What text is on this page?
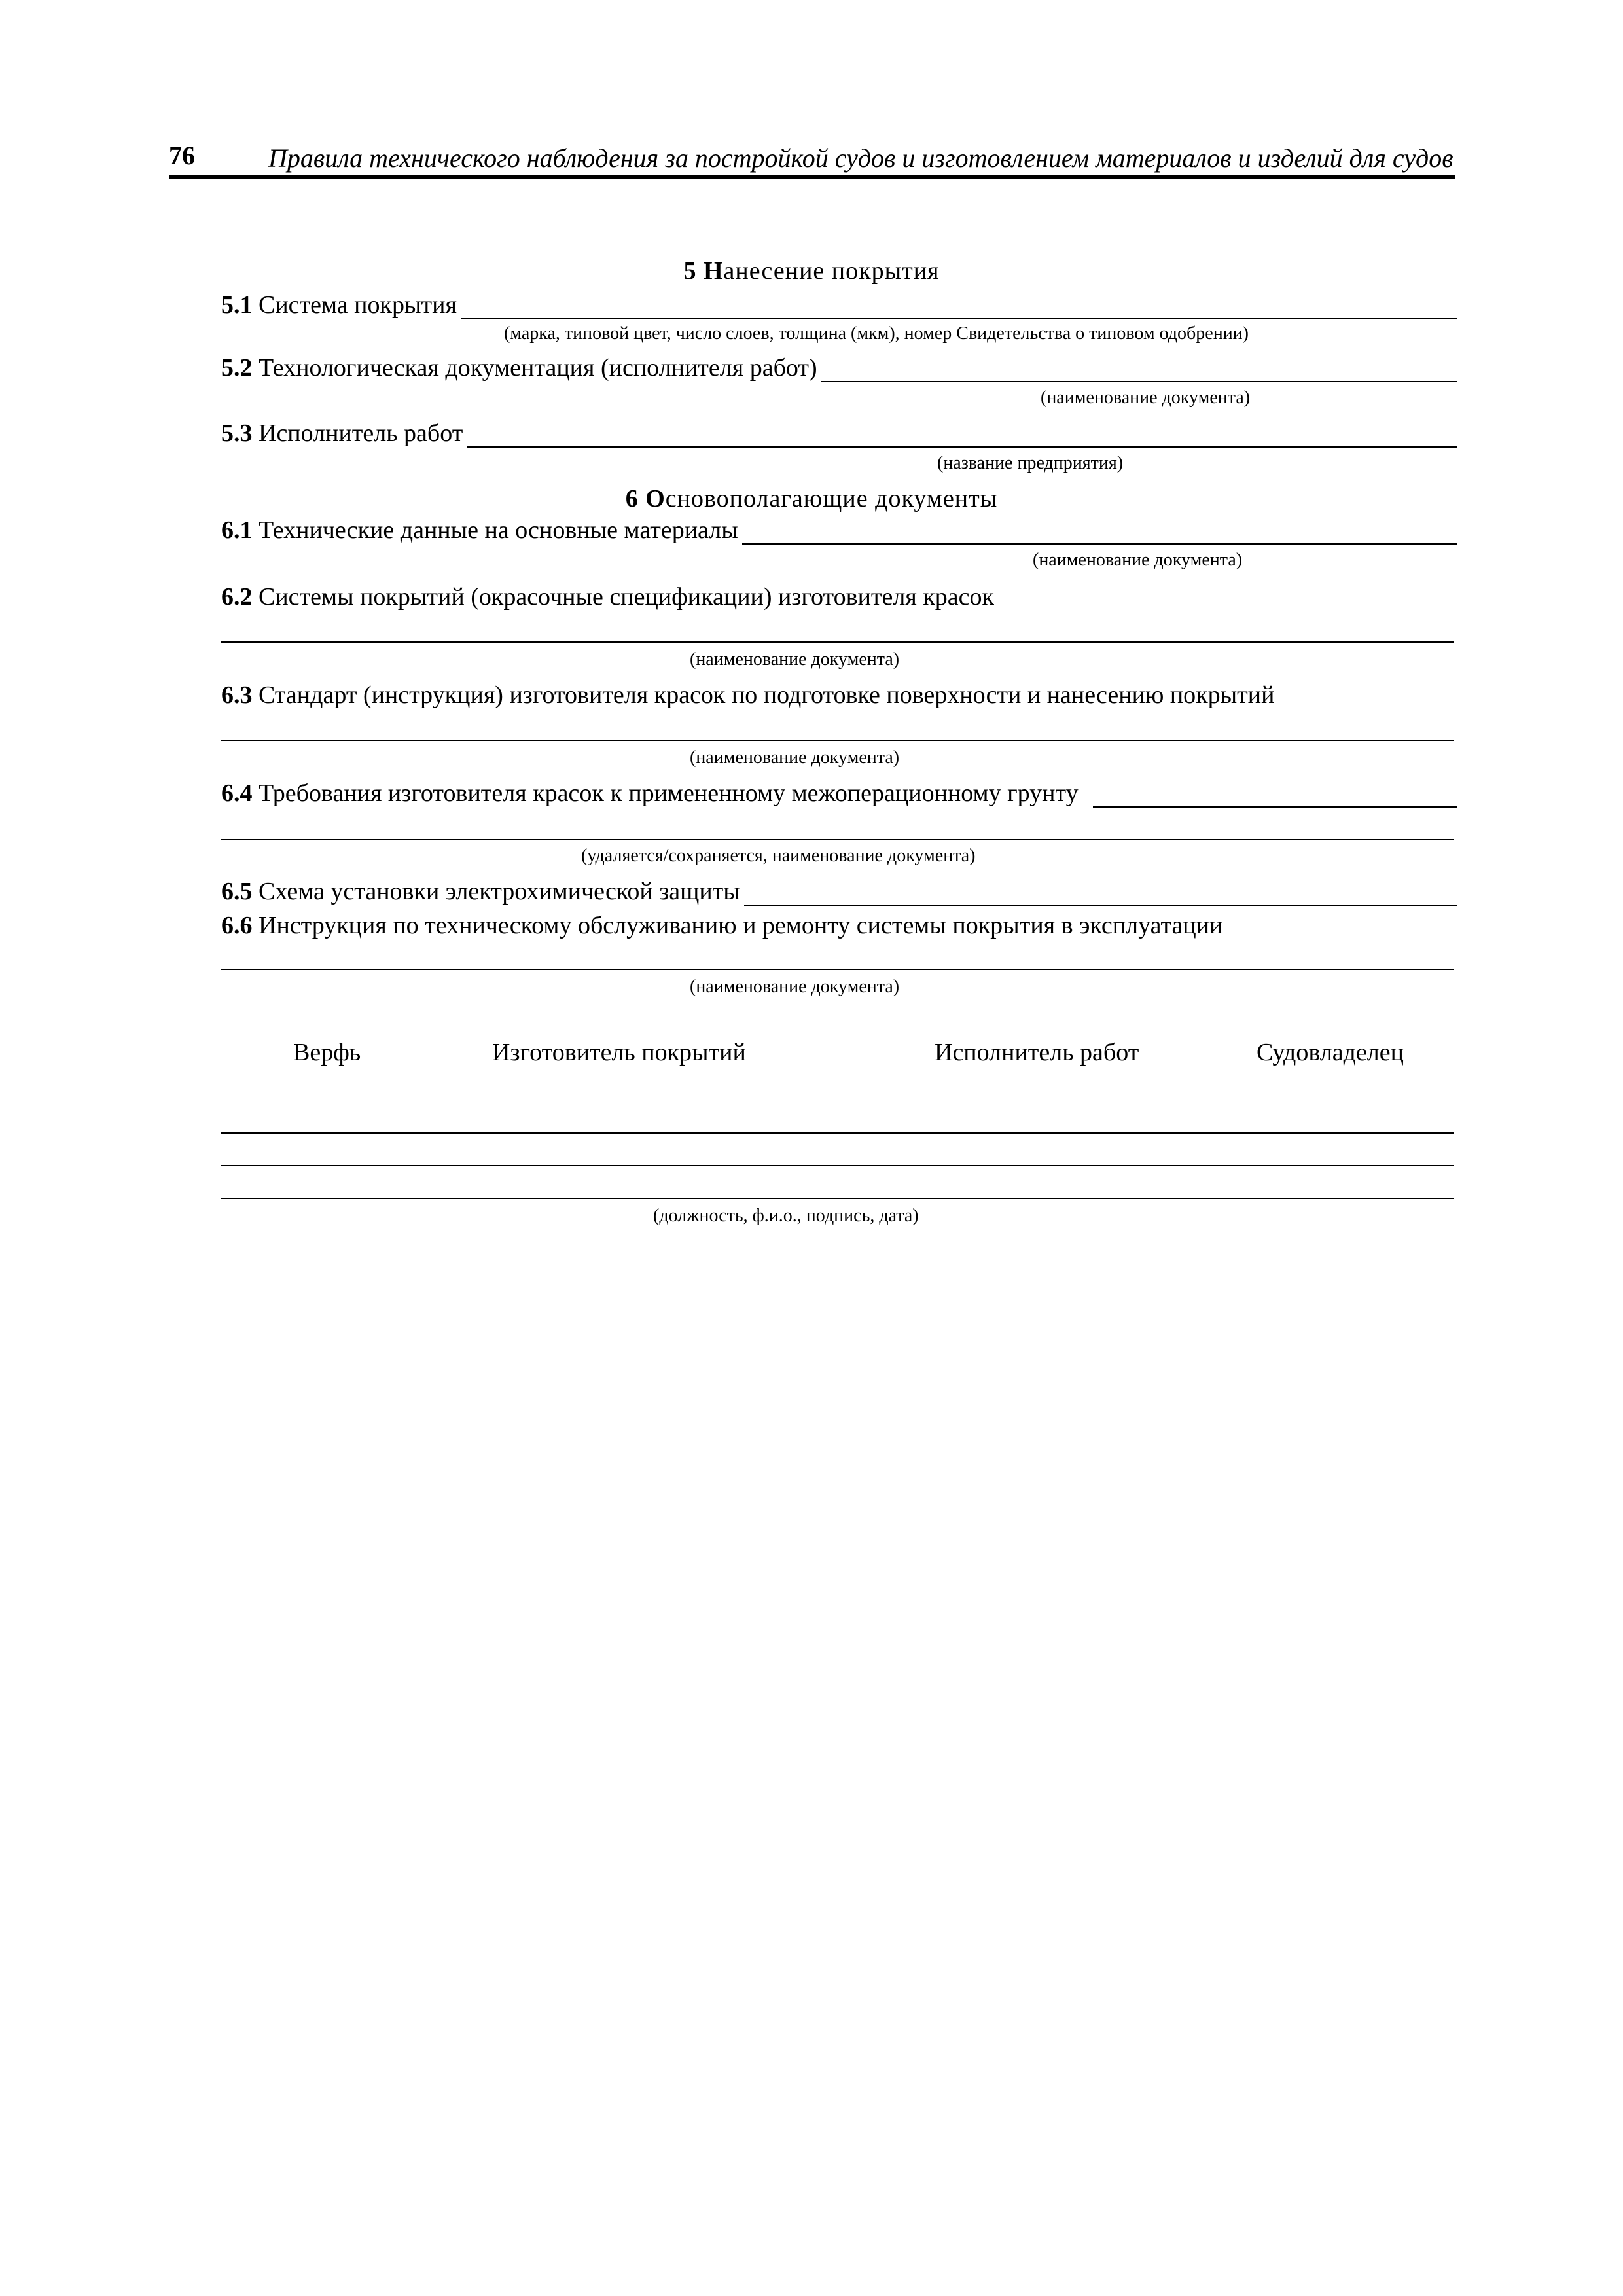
76	Правила технического наблюдения за постройкой судов и изготовлением материалов и изделий для судов
5 Нанесение покрытия
5.1 Система покрытия
(марка, типовой цвет, число слоев, толщина (мкм), номер Свидетельства о типовом одобрении)
5.2 Технологическая документация (исполнителя работ)
(наименование документа)
5.3 Исполнитель работ
(название предприятия)
6 Основополагающие документы
6.1 Технические данные на основные материалы
(наименование документа)
6.2 Системы покрытий (окрасочные спецификации) изготовителя красок
(наименование документа)
6.3 Стандарт (инструкция) изготовителя красок по подготовке поверхности и нанесению покрытий
(наименование документа)
6.4 Требования изготовителя красок к примененному межоперационному грунту
(удаляется/сохраняется, наименование документа)
6.5 Схема установки электрохимической защиты
6.6 Инструкция по техническому обслуживанию и ремонту системы покрытия в эксплуатации
(наименование документа)
Верфь	Изготовитель покрытий	Исполнитель работ	Судовладелец
(должность, ф.и.о., подпись, дата)
